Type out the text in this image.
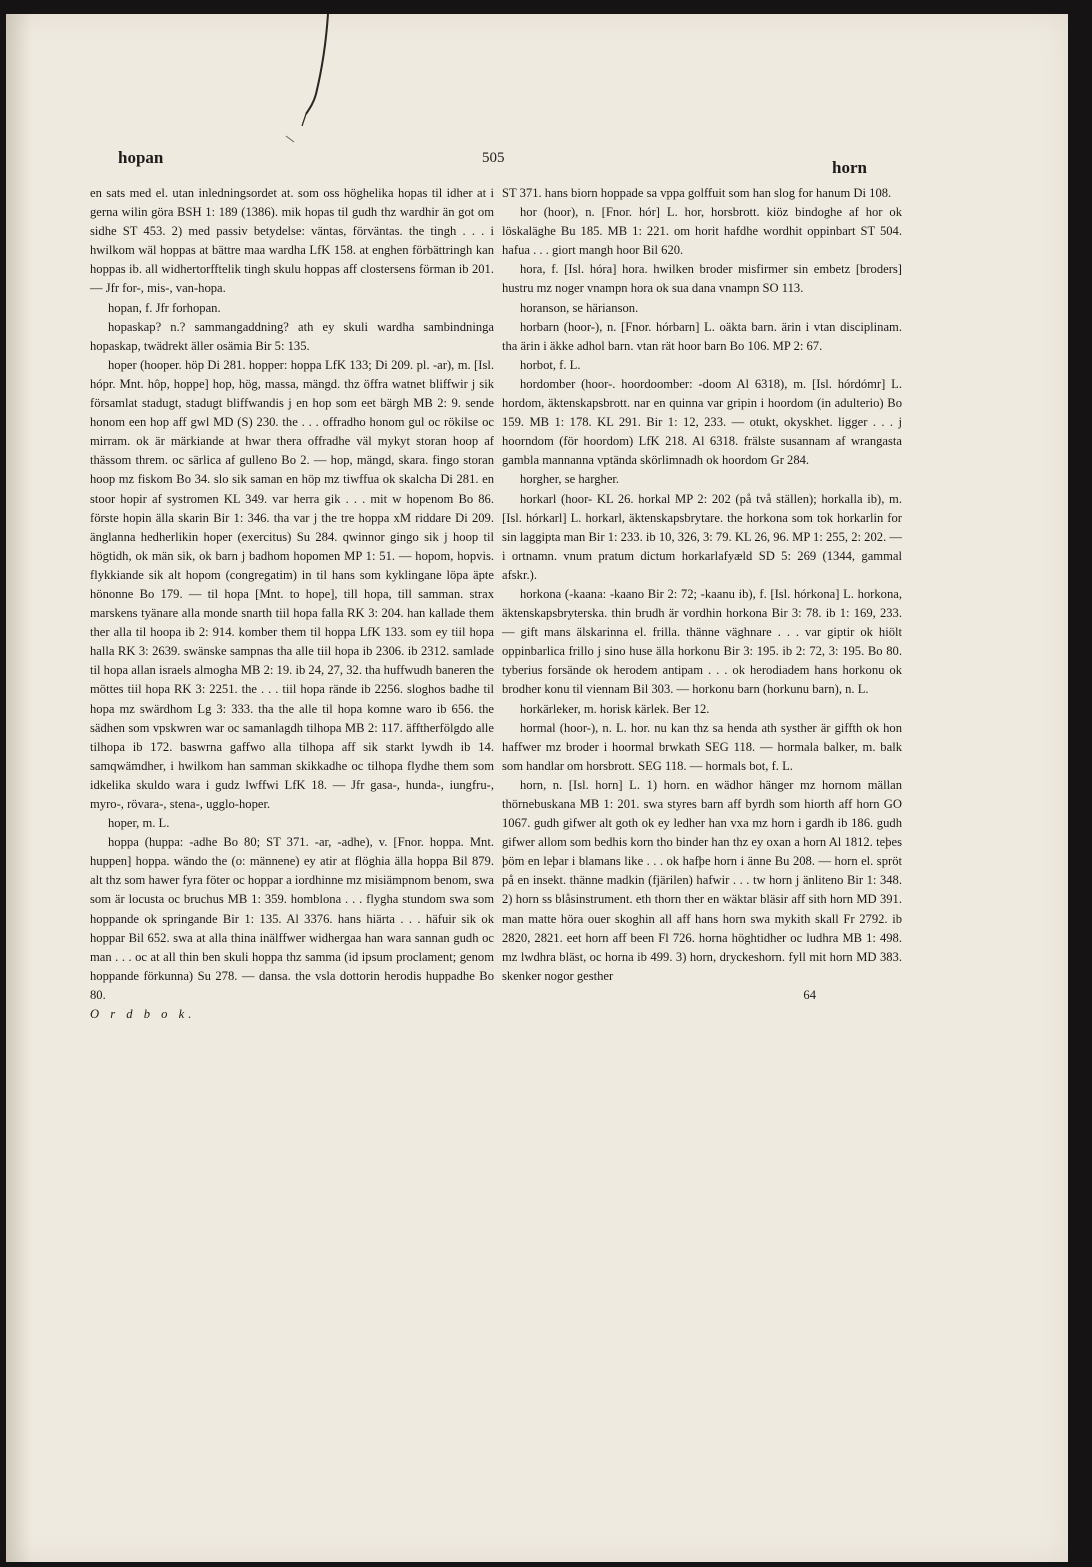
hopan	505	horn

en sats med el. utan inledningsordet at. som oss höghelika hopas til idher at i gerna wilin göra BSH 1: 189 (1386). mik hopas til gudh thz wardhir än got om sidhe ST 453. 2) med passiv betydelse: väntas, förväntas. the tingh . . . i hwilkom wäl hoppas at bättre maa wardha LfK 158. at enghen förbättringh kan hoppas ib. all widhertorfftelik tingh skulu hoppas aff clostersens förman ib 201. — Jfr for-, mis-, van-hopa.

hopan, f. Jfr forhopan.

hopaskap? n.? sammangaddning? ath ey skuli wardha sambindninga hopaskap, twädrekt äller osämia Bir 5: 135.

hoper (hooper. höp Di 281. hopper: hoppa LfK 133; Di 209. pl. -ar), m. [Isl. hópr. Mnt. hôp, hoppe] hop, hög, massa, mängd. thz öffra watnet bliffwir j sik församlat stadugt, stadugt bliffwandis j en hop som eet bärgh MB 2: 9. sende honom een hop aff gwl MD (S) 230. the . . . offradho honom gul oc rökilse oc mirram. ok är märkiande at hwar thera offradhe väl mykyt storan hoop af thässom threm. oc särlica af gulleno Bo 2. — hop, mängd, skara. fingo storan hoop mz fiskom Bo 34. slo sik saman en höp mz tiwffua ok skalcha Di 281. en stoor hopir af systromen KL 349. var herra gik . . . mit w hopenom Bo 86. förste hopin älla skarin Bir 1: 346. tha var j the tre hoppa xM riddare Di 209. änglanna hedherlikin hoper (exercitus) Su 284. qwinnor gingo sik j hoop til högtidh, ok män sik, ok barn j badhom hopomen MP 1: 51. — hopom, hopvis. flykkiande sik alt hopom (congregatim) in til hans som kyklingane löpa äpte hönonne Bo 179. — til hopa [Mnt. to hope], till hopa, till samman. strax marskens tyänare alla monde snarth tiil hopa falla RK 3: 204. han kallade them ther alla til hoopa ib 2: 914. komber them til hoppa LfK 133. som ey tiil hopa halla RK 3: 2639. swänske sampnas tha alle tiil hopa ib 2306. ib 2312. samlade til hopa allan israels almogha MB 2: 19. ib 24, 27, 32. tha huffwudh baneren the möttes tiil hopa RK 3: 2251. the . . . tiil hopa rände ib 2256. sloghos badhe til hopa mz swärdhom Lg 3: 333. tha the alle til hopa komne waro ib 656. the sädhen som vpskwren war oc samanlagdh tilhopa MB 2: 117. äfftherfölgdo alle tilhopa ib 172. baswrna gaffwo alla tilhopa aff sik starkt lywdh ib 14. samqwämdher, i hwilkom han samman skikkadhe oc tilhopa flydhe them som idkelika skuldo wara i gudz lwffwi LfK 18. — Jfr gasa-, hunda-, iungfru-, myro-, rövara-, stena-, ugglo-hoper.

hoper, m. L.

hoppa (huppa: -adhe Bo 80; ST 371. -ar, -adhe), v. [Fnor. hoppa. Mnt. huppen] hoppa. wändo the (o: männene) ey atir at flöghia älla hoppa Bil 879. alt thz som hawer fyra föter oc hoppar a iordhinne mz misiämpnom benom, swa som är locusta oc bruchus MB 1: 359. homblona . . . flygha stundom swa som hoppande ok springande Bir 1: 135. Al 3376. hans hiärta . . . häfuir sik ok hoppar Bil 652. swa at alla thina inälffwer widhergaa han wara sannan gudh oc man . . . oc at all thin ben skuli hoppa thz samma (id ipsum proclament; genom hoppande förkunna) Su 278. — dansa. the vsla dottorin herodis huppadhe Bo 80.

O r d b o k.

ST 371. hans biorn hoppade sa vppa golffuit som han slog for hanum Di 108.

hor (hoor), n. [Fnor. hór] L. hor, horsbrott. kiöz bindoghe af hor ok löskaläghe Bu 185. MB 1: 221. om horit hafdhe wordhit oppinbart ST 504. hafua . . . giort mangh hoor Bil 620.

hora, f. [Isl. hóra] hora. hwilken broder misfirmer sin embetz [broders] hustru mz noger vnampn hora ok sua dana vnampn SO 113.

horanson, se härianson.

horbarn (hoor-), n. [Fnor. hórbarn] L. oäkta barn. ärin i vtan disciplinam. tha ärin i äkke adhol barn. vtan rät hoor barn Bo 106. MP 2: 67.

horbot, f. L.

hordomber (hoor-. hoordoomber: -doom Al 6318), m. [Isl. hórdómr] L. hordom, äktenskapsbrott. nar en quinna var gripin i hoordom (in adulterio) Bo 159. MB 1: 178. KL 291. Bir 1: 12, 233. — otukt, okyskhet. ligger . . . j hoorndom (för hoordom) LfK 218. Al 6318. frälste susannam af wrangasta gambla mannanna vptända skörlimnadh ok hoordom Gr 284.

horgher, se hargher.

horkarl (hoor- KL 26. horkal MP 2: 202 (på två ställen); horkalla ib), m. [Isl. hórkarl] L. horkarl, äktenskapsbrytare. the horkona som tok horkarlin for sin laggipta man Bir 1: 233. ib 10, 326, 3: 79. KL 26, 96. MP 1: 255, 2: 202. — i ortnamn. vnum pratum dictum horkarlafyæld SD 5: 269 (1344, gammal afskr.).

horkona (-kaana: -kaano Bir 2: 72; -kaanu ib), f. [Isl. hórkona] L. horkona, äktenskapsbryterska. thin brudh är vordhin horkona Bir 3: 78. ib 1: 169, 233. — gift mans älskarinna el. frilla. thänne väghnare . . . var giptir ok hiölt oppinbarlica frillo j sino huse älla horkonu Bir 3: 195. ib 2: 72, 3: 195. Bo 80. tyberius forsände ok herodem antipam . . . ok herodiadem hans horkonu ok brodher konu til viennam Bil 303. — horkonu barn (horkunu barn), n. L.

horkärleker, m. horisk kärlek. Ber 12.

hormal (hoor-), n. L. hor. nu kan thz sa henda ath systher är giffth ok hon haffwer mz broder i hoormal brwkath SEG 118. — hormala balker, m. balk som handlar om horsbrott. SEG 118. — hormals bot, f. L.

horn, n. [Isl. horn] L. 1) horn. en wädhor hänger mz hornom mällan thörnebuskana MB 1: 201. swa styres barn aff byrdh som hiorth aff horn GO 1067. gudh gifwer alt goth ok ey ledher han vxa mz horn i gardh ib 186. gudh gifwer allom som bedhis korn tho binder han thz ey oxan a horn Al 1812. teþes þöm en leþar i blamans like . . . ok hafþe horn i änne Bu 208. — horn el. spröt på en insekt. thänne madkin (fjärilen) hafwir . . . tw horn j änliteno Bir 1: 348. 2) horn ss blåsinstrument. eth thorn ther en wäktar bläsir aff sith horn MD 391. man matte höra ouer skoghin all aff hans horn swa mykith skall Fr 2792. ib 2820, 2821. eet horn aff been Fl 726. horna höghtidher oc ludhra MB 1: 498. mz lwdhra bläst, oc horna ib 499. 3) horn, dryckeshorn. fyll mit horn MD 383. skenker nogor gesther

64
